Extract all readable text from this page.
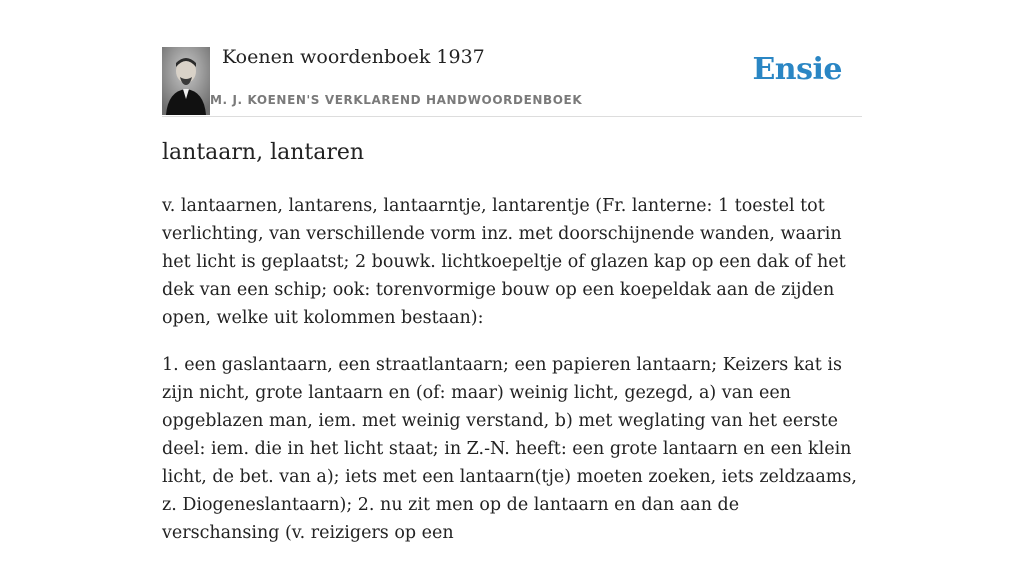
Koenen woordenboek 1937
M. J. KOENEN'S VERKLAREND HANDWOORDENBOEK
Ensie
lantaarn, lantaren

v. lantaarnen, lantarens, lantaarntje, lantarentje (Fr. lanterne: 1 toestel tot verlichting, van verschillende vorm inz. met doorschijnende wanden, waarin het licht is geplaatst; 2 bouwk. lichtkoepeltje of glazen kap op een dak of het dek van een schip; ook: torenvormige bouw op een koepeldak aan de zijden open, welke uit kolommen bestaan):

1. een gaslantaarn, een straatlantaarn; een papieren lantaarn; Keizers kat is zijn nicht, grote lantaarn en (of: maar) weinig licht, gezegd, a) van een opgeblazen man, iem. met weinig verstand, b) met weglating van het eerste deel: iem. die in het licht staat; in Z.-N. heeft: een grote lantaarn en een klein licht, de bet. van a); iets met een lantaarn(tje) moeten zoeken, iets zeldzaams, z. Diogeneslantaarn); 2. nu zit men op de lantaarn en dan aan de verschansing (v. reizigers op een
